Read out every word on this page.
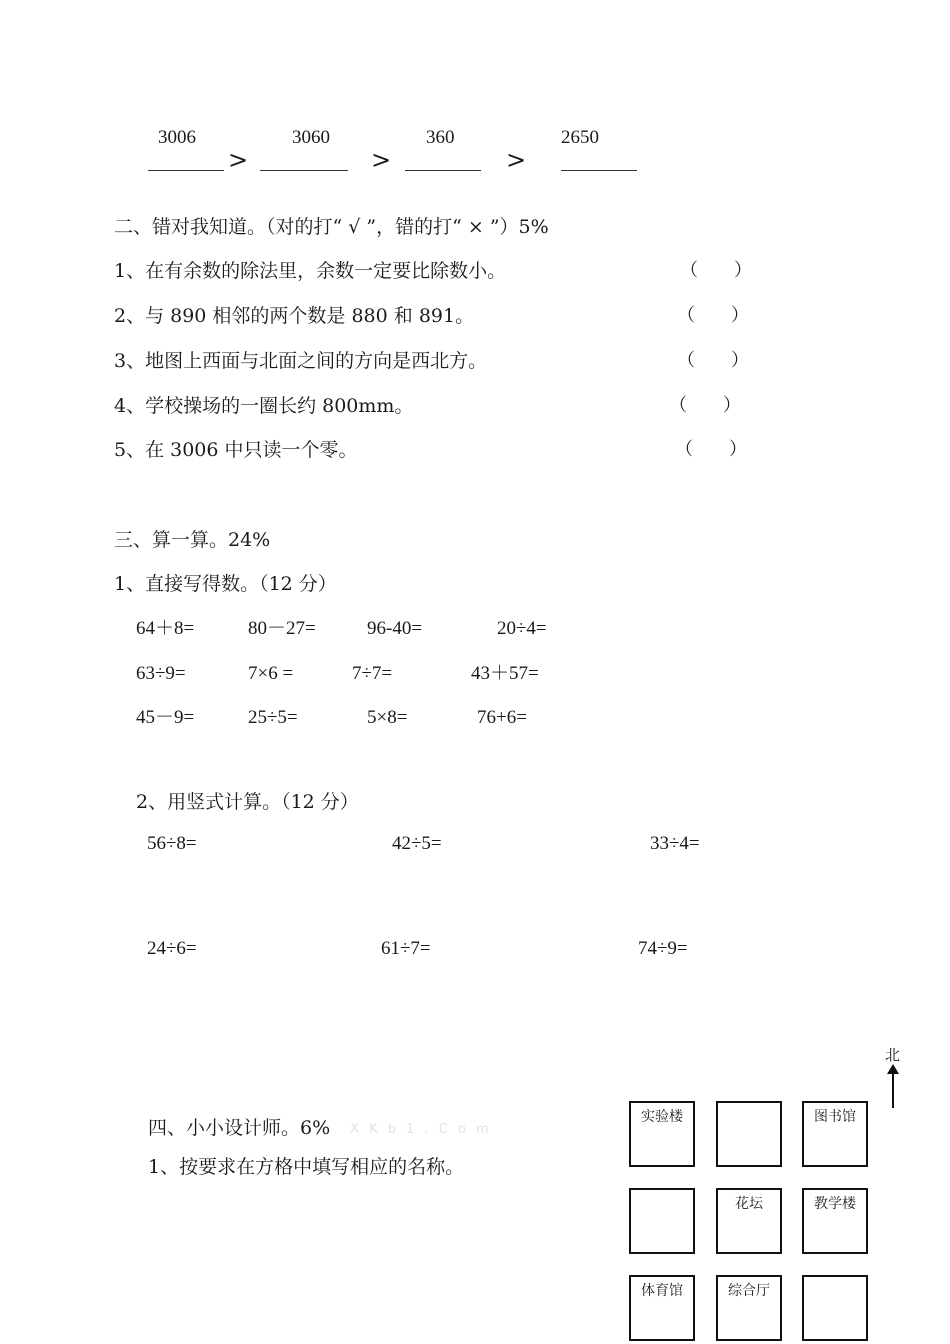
3006	3060	360	2650
>	>	>
二、错对我知道。（对的打“ √ ”，错的打“ × ”）5%
1、在有余数的除法里，余数一定要比除数小。	（　　）
2、与 890 相邻的两个数是 880 和 891。	（　　）
3、地图上西面与北面之间的方向是西北方。	（　　）
4、学校操场的一圈长约 800mm。	（　　）
5、在 3006 中只读一个零。	（　　）
三、算一算。24%
1、直接写得数。（12 分）
64＋8=	80－27=	96-40=	20÷4=
63÷9=	7×6 =	7÷7=	43＋57=
45－9=	25÷5=	5×8=	76+6=
2、用竖式计算。（12 分）
56÷8=	42÷5=	33÷4=
24÷6=	61÷7=	74÷9=
四、小小设计师。6% X K b 1 . C o m
1、按要求在方格中填写相应的名称。
北
实验楼	图书馆
花坛	教学楼
体育馆	综合厅
